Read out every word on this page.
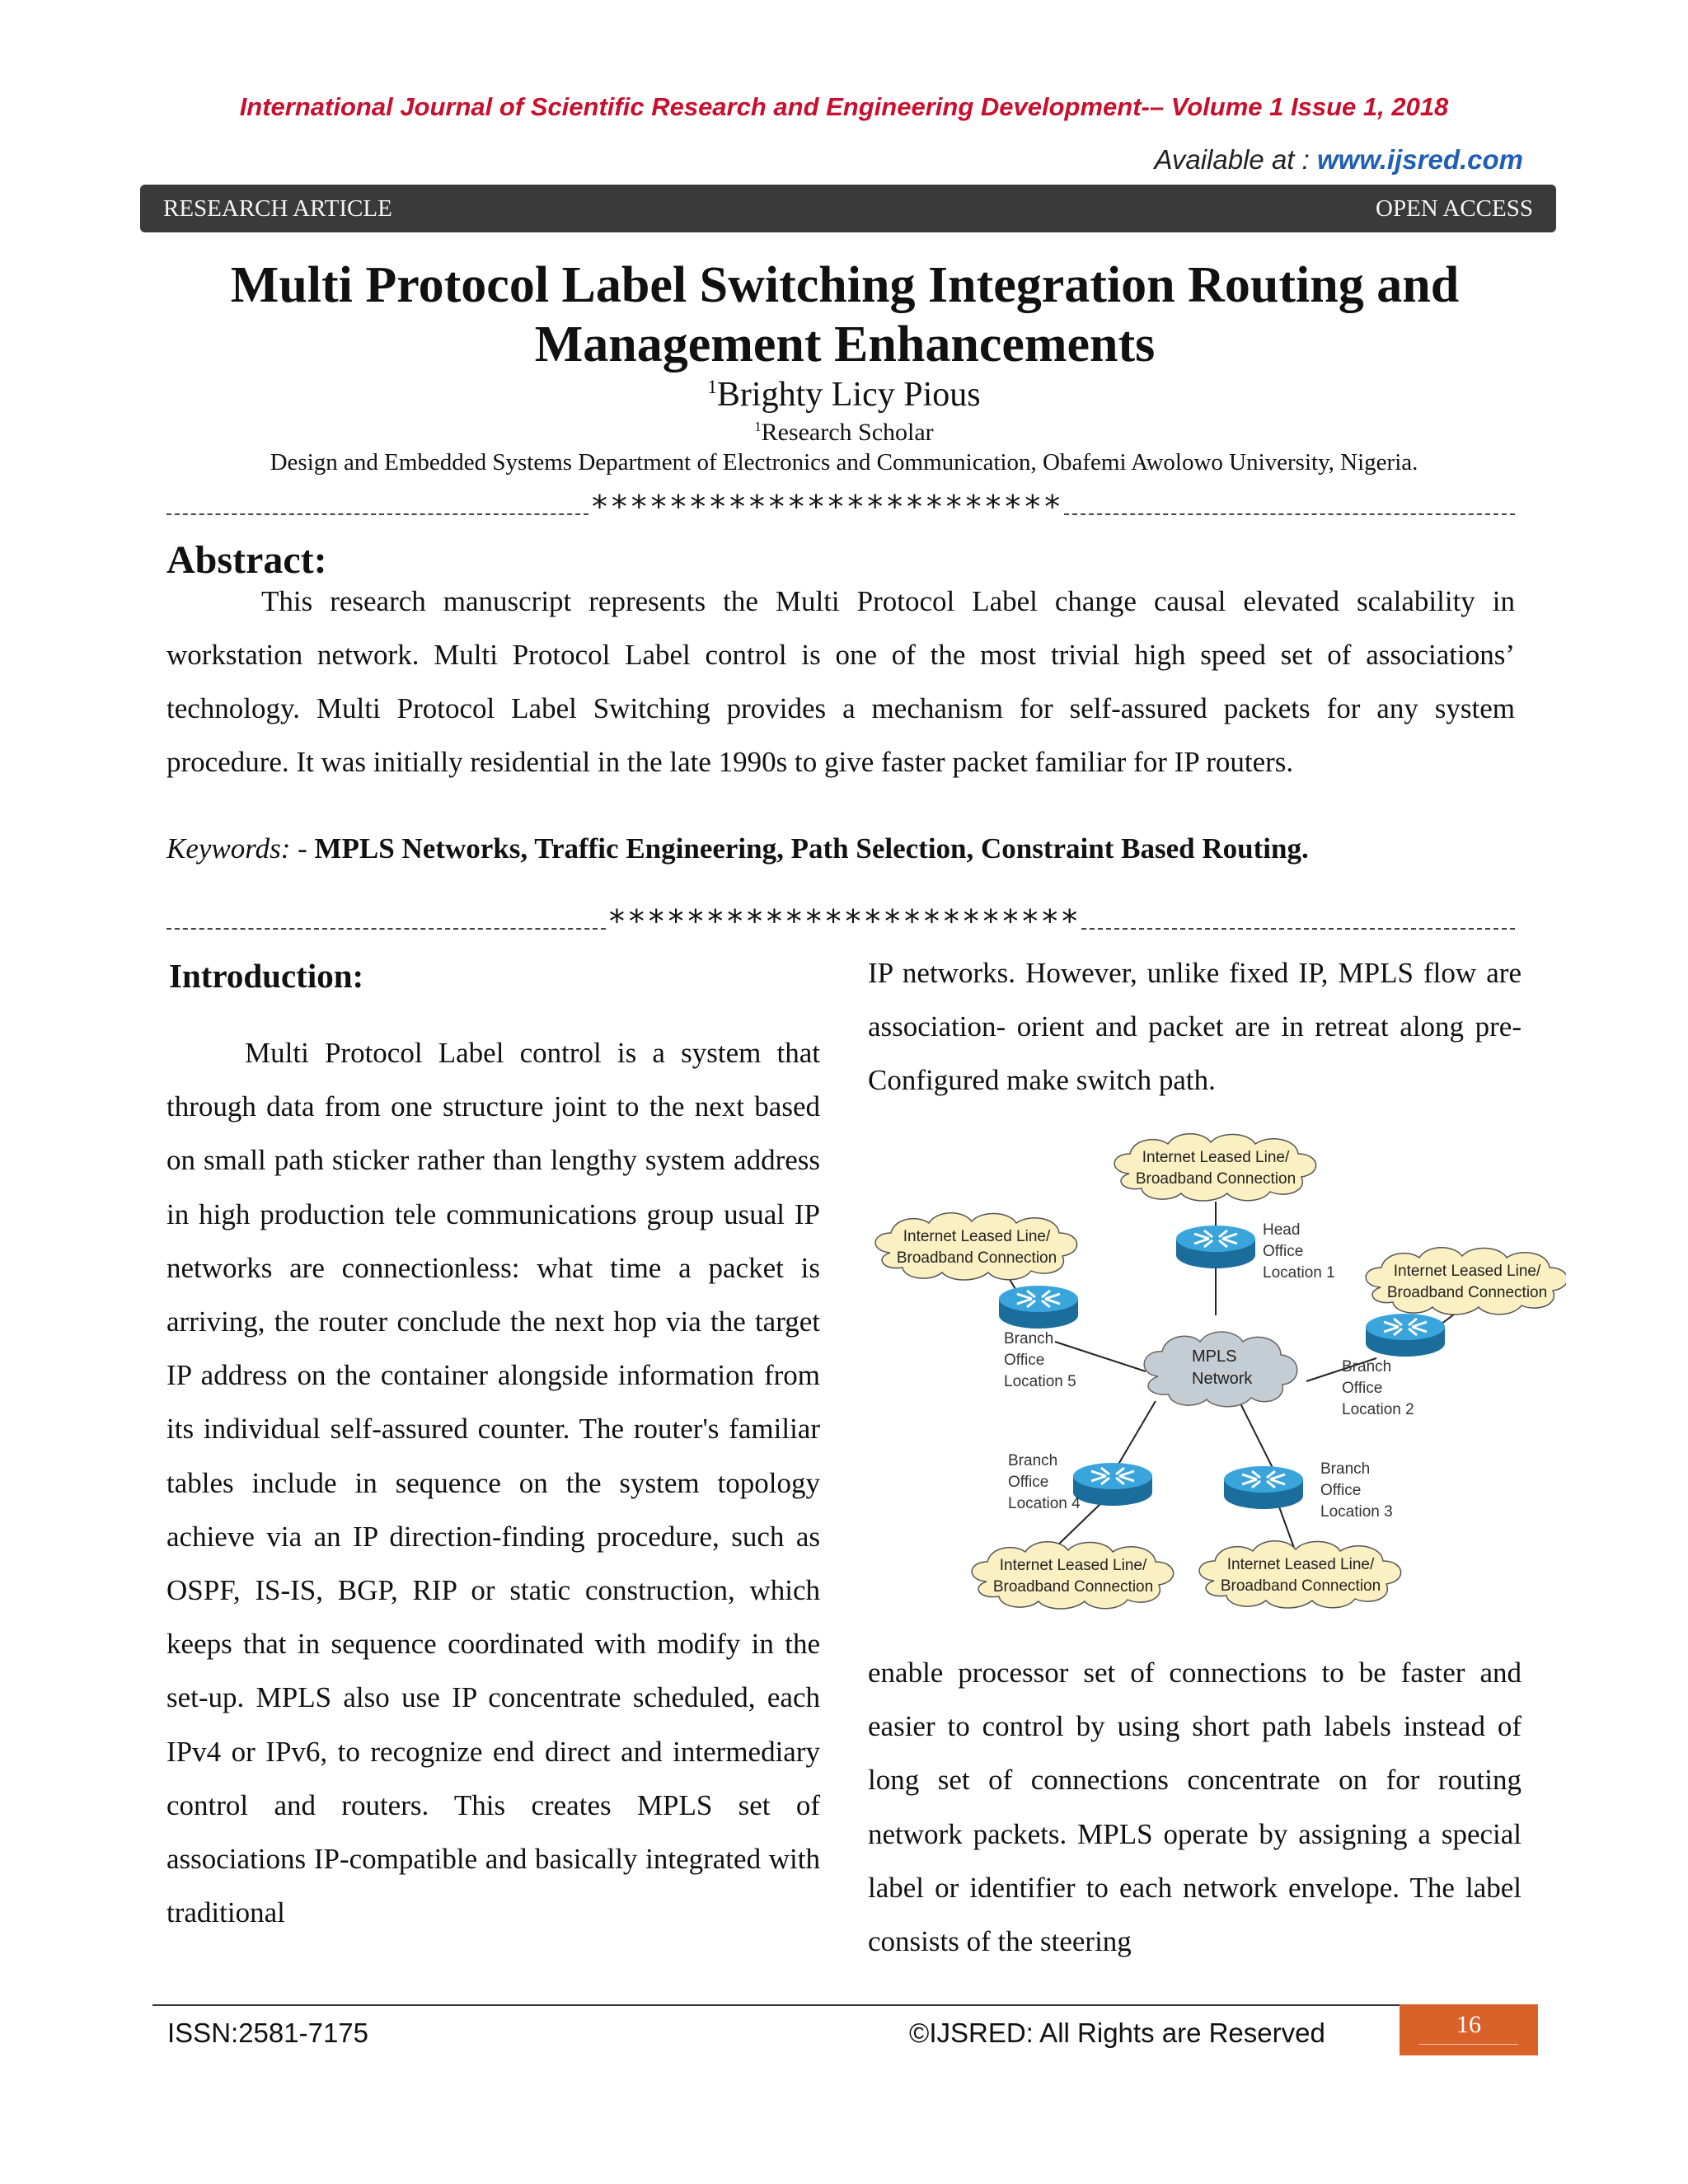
International Journal of Scientific Research and Engineering Development-– Volume 1 Issue 1, 2018
Available at : www.ijsred.com
RESEARCH ARTICLE	OPEN ACCESS
Multi Protocol Label Switching Integration Routing and Management Enhancements
$^1$Brighty Licy Pious
$^1$Research Scholar
Design and Embedded Systems Department of Electronics and Communication, Obafemi Awolowo University, Nigeria.
************************
Abstract:
This research manuscript represents the Multi Protocol Label change causal elevated scalability in workstation network. Multi Protocol Label control is one of the most trivial high speed set of associations’ technology. Multi Protocol Label Switching provides a mechanism for self-assured packets for any system procedure. It was initially residential in the late 1990s to give faster packet familiar for IP routers.
Keywords: - MPLS Networks, Traffic Engineering, Path Selection, Constraint Based Routing.
************************
Introduction:
Multi Protocol Label control is a system that through data from one structure joint to the next based on small path sticker rather than lengthy system address in high production tele communications group usual IP networks are connectionless: what time a packet is arriving, the router conclude the next hop via the target IP address on the container alongside information from its individual self-assured counter. The router's familiar tables include in sequence on the system topology achieve via an IP direction-finding procedure, such as OSPF, IS-IS, BGP, RIP or static construction, which keeps that in sequence coordinated with modify in the set-up. MPLS also use IP concentrate scheduled, each IPv4 or IPv6, to recognize end direct and intermediary control and routers. This creates MPLS set of associations IP-compatible and basically integrated with traditional
IP networks. However, unlike fixed IP, MPLS flow are association- orient and packet are in retreat along pre-Configured make switch path.
Internet Leased Line/
Broadband Connection
Internet Leased Line/
Broadband Connection
Internet Leased Line/
Broadband Connection
Internet Leased Line/
Broadband Connection
Internet Leased Line/
Broadband Connection
MPLS
Network
Head
Office
Location 1
Branch
Office
Location 5
Branch
Office
Location 2
Branch
Office
Location 4
Branch
Office
Location 3
enable processor set of connections to be faster and easier to control by using short path labels instead of long set of connections concentrate on for routing network packets. MPLS operate by assigning a special label or identifier to each network envelope. The label consists of the steering
ISSN:2581-7175	©IJSRED: All Rights are Reserved	16
